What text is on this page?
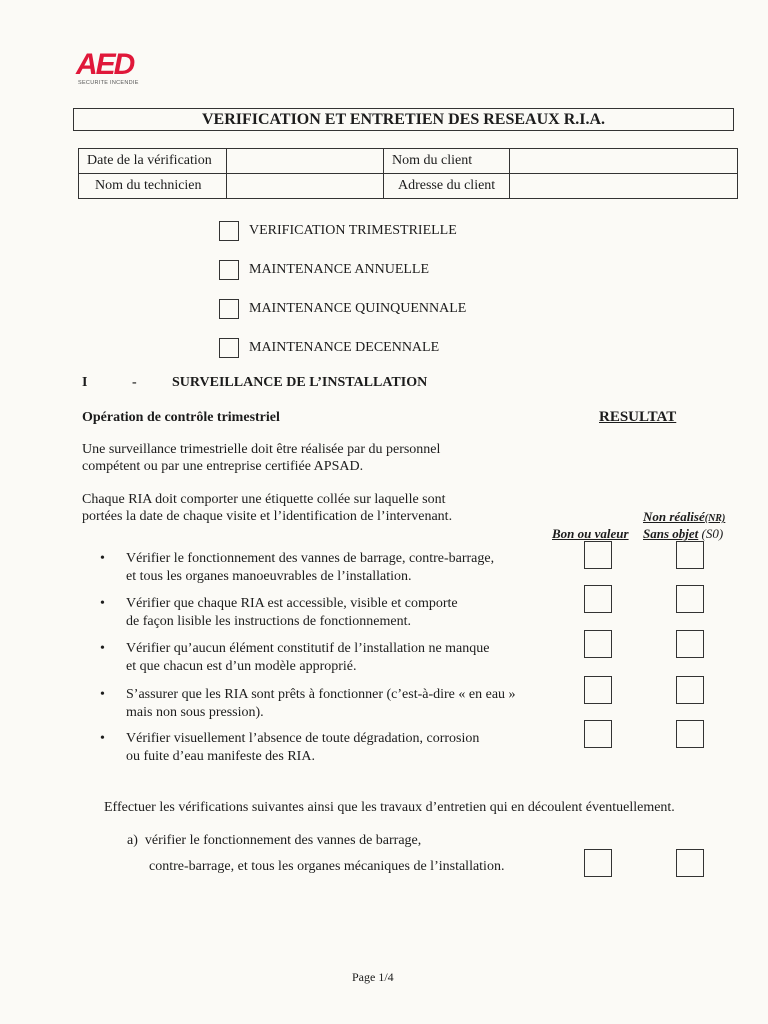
AED
SECURITE INCENDIE
VERIFICATION ET ENTRETIEN DES RESEAUX R.I.A.
Date de la vérification		Nom du client	
Nom du technicien		Adresse du client	
VERIFICATION TRIMESTRIELLE
MAINTENANCE ANNUELLE
MAINTENANCE QUINQUENNALE
MAINTENANCE DECENNALE
I	-	SURVEILLANCE DE L’INSTALLATION
Opération de contrôle trimestriel	RESULTAT
Une surveillance trimestrielle doit être réalisée par du personnel
compétent ou par une entreprise certifiée APSAD.
Chaque RIA doit comporter une étiquette collée sur laquelle sont
portées la date de chaque visite et l’identification de l’intervenant.	Non réalisé(NR)
Bon ou valeur Sans objet (S0)
• Vérifier le fonctionnement des vannes de barrage, contre-barrage,
et tous les organes manoeuvrables de l’installation.
• Vérifier que chaque RIA est accessible, visible et comporte
de façon lisible les instructions de fonctionnement.
• Vérifier qu’aucun élément constitutif de l’installation ne manque
et que chacun est d’un modèle approprié.
• S’assurer que les RIA sont prêts à fonctionner (c’est-à-dire « en eau »
mais non sous pression).
• Vérifier visuellement l’absence de toute dégradation, corrosion
ou fuite d’eau manifeste des RIA.
Effectuer les vérifications suivantes ainsi que les travaux d’entretien qui en découlent éventuellement.
a) vérifier le fonctionnement des vannes de barrage,
contre-barrage, et tous les organes mécaniques de l’installation.
Page 1/4
